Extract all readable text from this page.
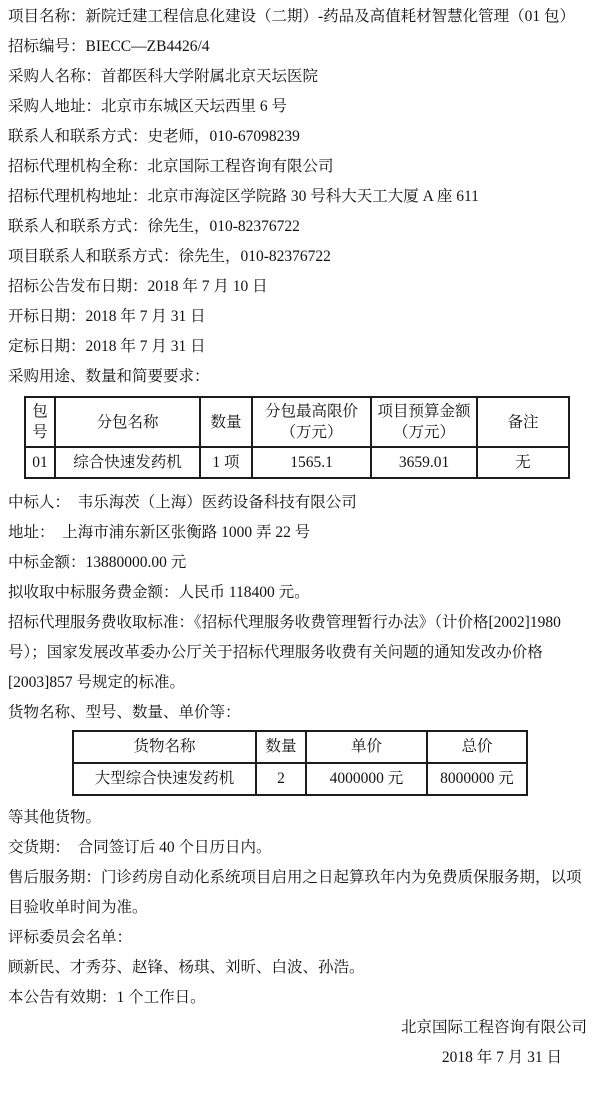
项目名称：新院迁建工程信息化建设（二期）-药品及高值耗材智慧化管理（01 包）

招标编号：BIECC—ZB4426/4

采购人名称：首都医科大学附属北京天坛医院

采购人地址：北京市东城区天坛西里 6 号

联系人和联系方式：史老师，010-67098239

招标代理机构全称：北京国际工程咨询有限公司

招标代理机构地址：北京市海淀区学院路 30 号科大天工大厦 A 座 611

联系人和联系方式：徐先生，010-82376722

项目联系人和联系方式：徐先生，010-82376722

招标公告发布日期：2018 年 7 月 10 日

开标日期：2018 年 7 月 31 日

定标日期：2018 年 7 月 31 日

采购用途、数量和简要要求：

包号	分包名称	数量	分包最高限价（万元）	项目预算金额（万元）	备注
01	综合快速发药机	1 项	1565.1	3659.01	无

中标人：　韦乐海茨（上海）医药设备科技有限公司

地址：　上海市浦东新区张衡路 1000 弄 22 号

中标金额：13880000.00 元

拟收取中标服务费金额：人民币 118400 元。

招标代理服务费收取标准：《招标代理服务收费管理暂行办法》（计价格[2002]1980 号）；国家发展改革委办公厅关于招标代理服务收费有关问题的通知发改办价格[2003]857 号规定的标准。

货物名称、型号、数量、单价等：

货物名称	数量	单价	总价
大型综合快速发药机	2	4000000 元	8000000 元

等其他货物。

交货期：　合同签订后 40 个日历日内。

售后服务期：门诊药房自动化系统项目启用之日起算玖年内为免费质保服务期，以项目验收单时间为准。

评标委员会名单：

顾新民、才秀芬、赵锋、杨琪、刘昕、白波、孙浩。

本公告有效期：1 个工作日。

北京国际工程咨询有限公司

2018 年 7 月 31 日
